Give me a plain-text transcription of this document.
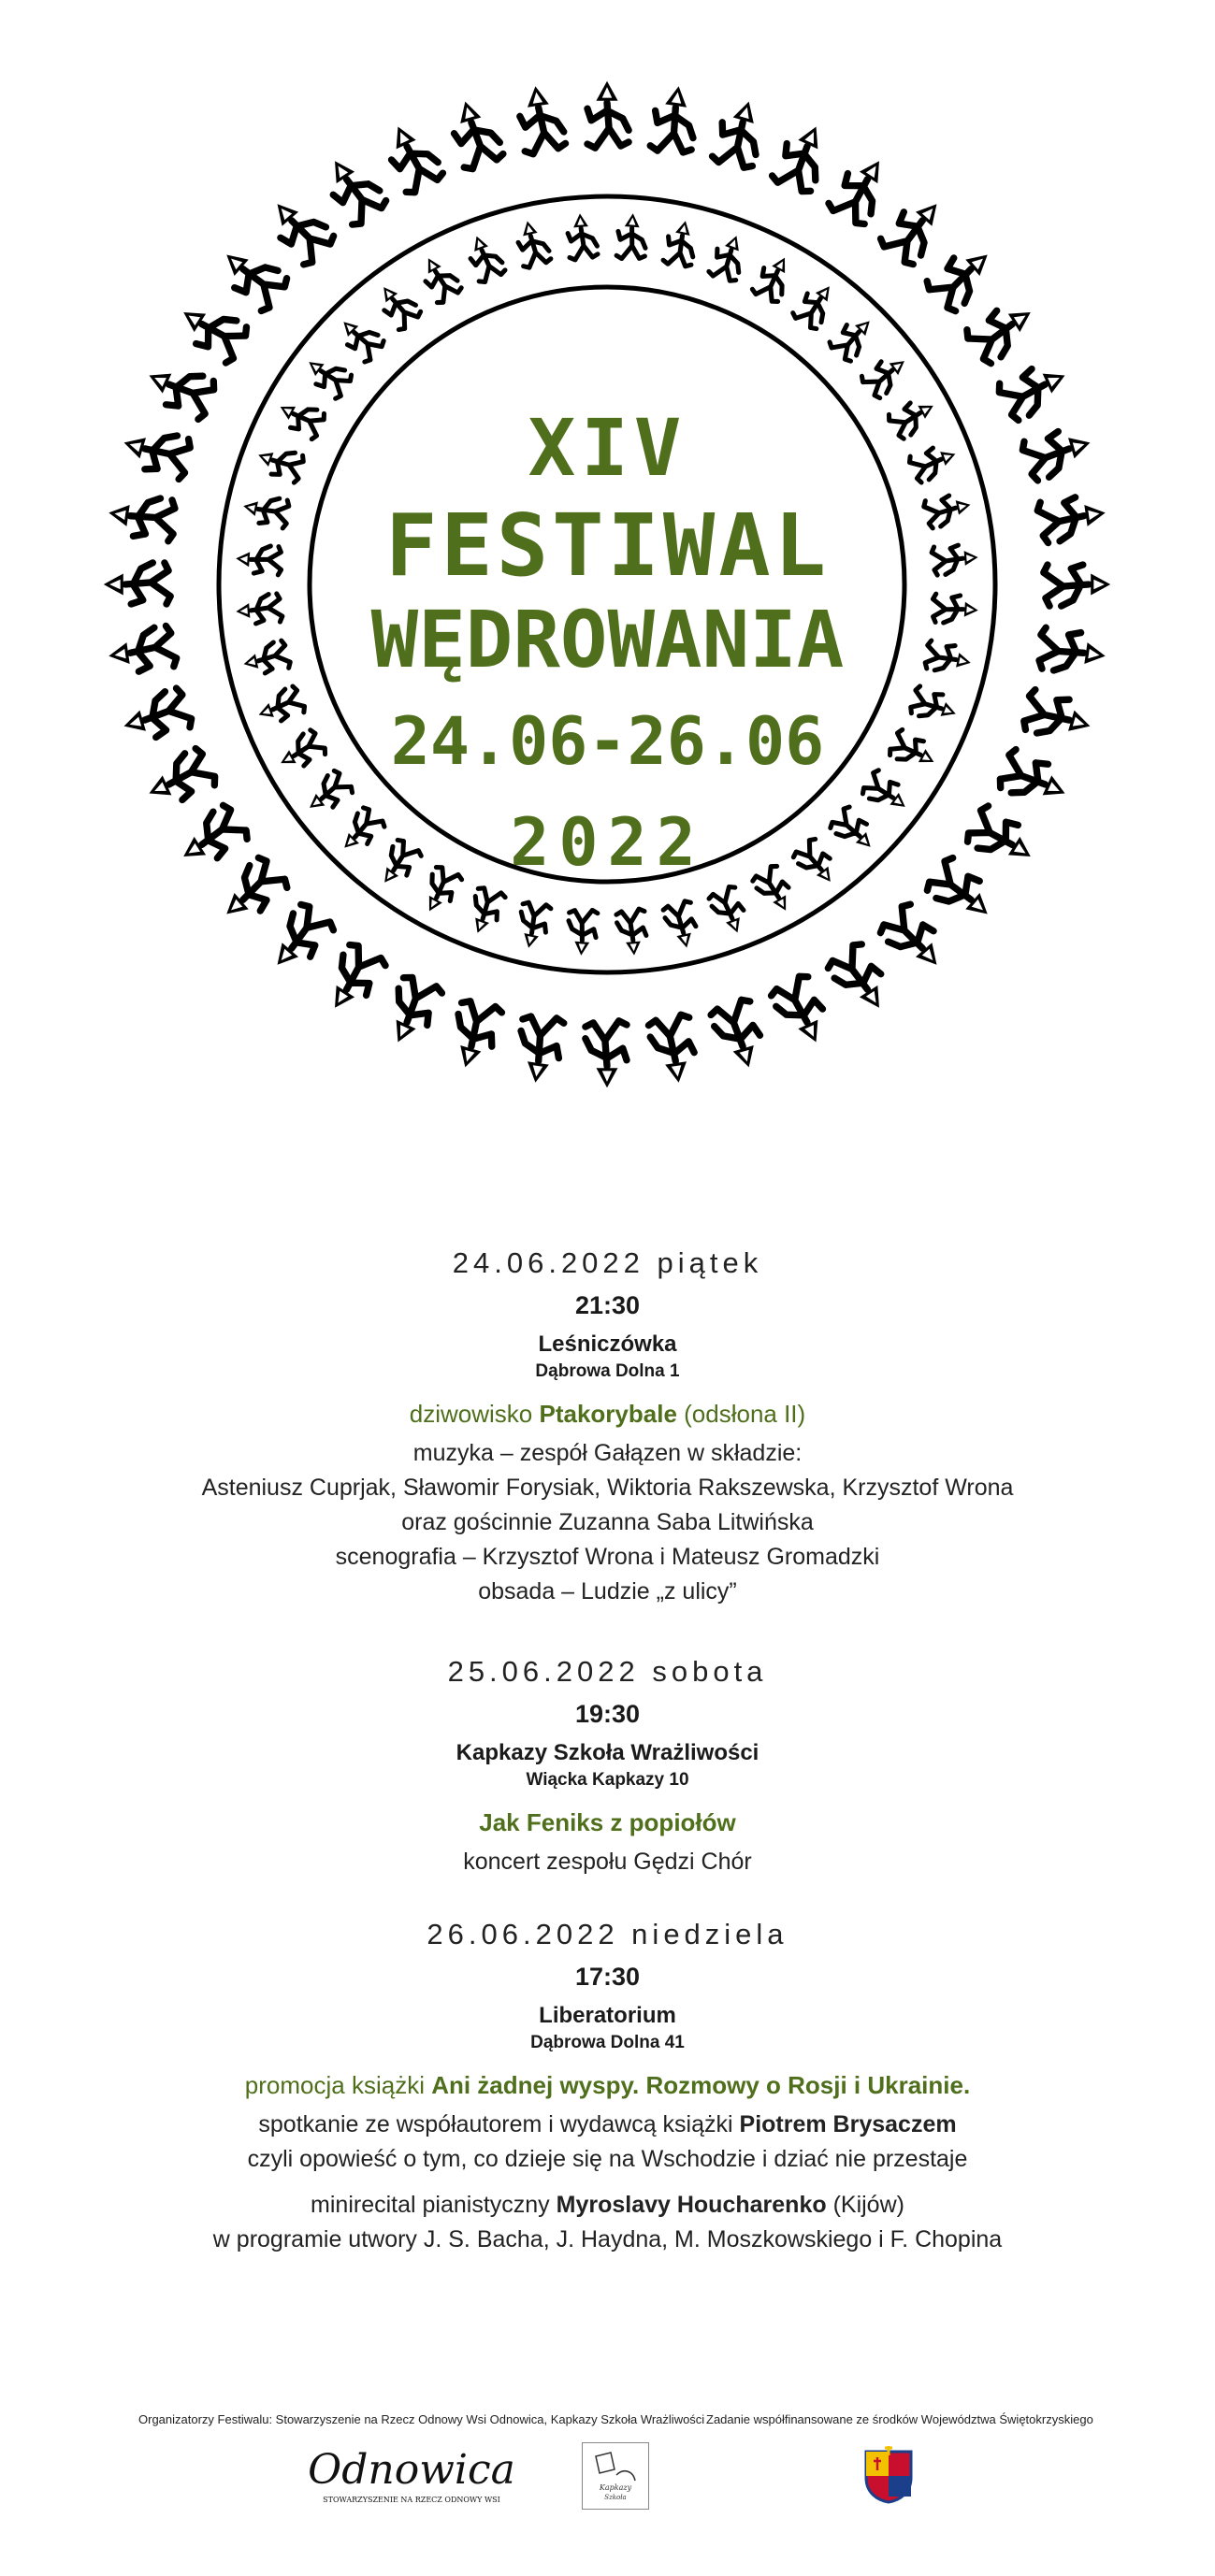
XIV
FESTIWAL
WĘDROWANIA
24.06-26.06
2022
24.06.2022 piątek
21:30
Leśniczówka
Dąbrowa Dolna 1
dziwowisko Ptakorybale (odsłona II)
muzyka – zespół Gałązen w składzie:
Asteniusz Cuprjak, Sławomir Forysiak, Wiktoria Rakszewska, Krzysztof Wrona
oraz gościnnie Zuzanna Saba Litwińska
scenografia – Krzysztof Wrona i Mateusz Gromadzki
obsada – Ludzie „z ulicy”
25.06.2022 sobota
19:30
Kapkazy Szkoła Wrażliwości
Wiącka Kapkazy 10
Jak Feniks z popiołów
koncert zespołu Gędzi Chór
26.06.2022 niedziela
17:30
Liberatorium
Dąbrowa Dolna 41
promocja książki Ani żadnej wyspy. Rozmowy o Rosji i Ukrainie.
spotkanie ze współautorem i wydawcą książki Piotrem Brysaczem
czyli opowieść o tym, co dzieje się na Wschodzie i dziać nie przestaje
minirecital pianistyczny Myroslavy Houcharenko (Kijów)
w programie utwory J. S. Bacha, J. Haydna, M. Moszkowskiego i F. Chopina
Organizatorzy Festiwalu: Stowarzyszenie na Rzecz Odnowy Wsi Odnowica, Kapkazy Szkoła Wrażliwości Zadanie współfinansowane ze środków Województwa Świętokrzyskiego
Odnowica
STOWARZYSZENIE NA RZECZ ODNOWY WSI
Kapkazy
Szkoła
